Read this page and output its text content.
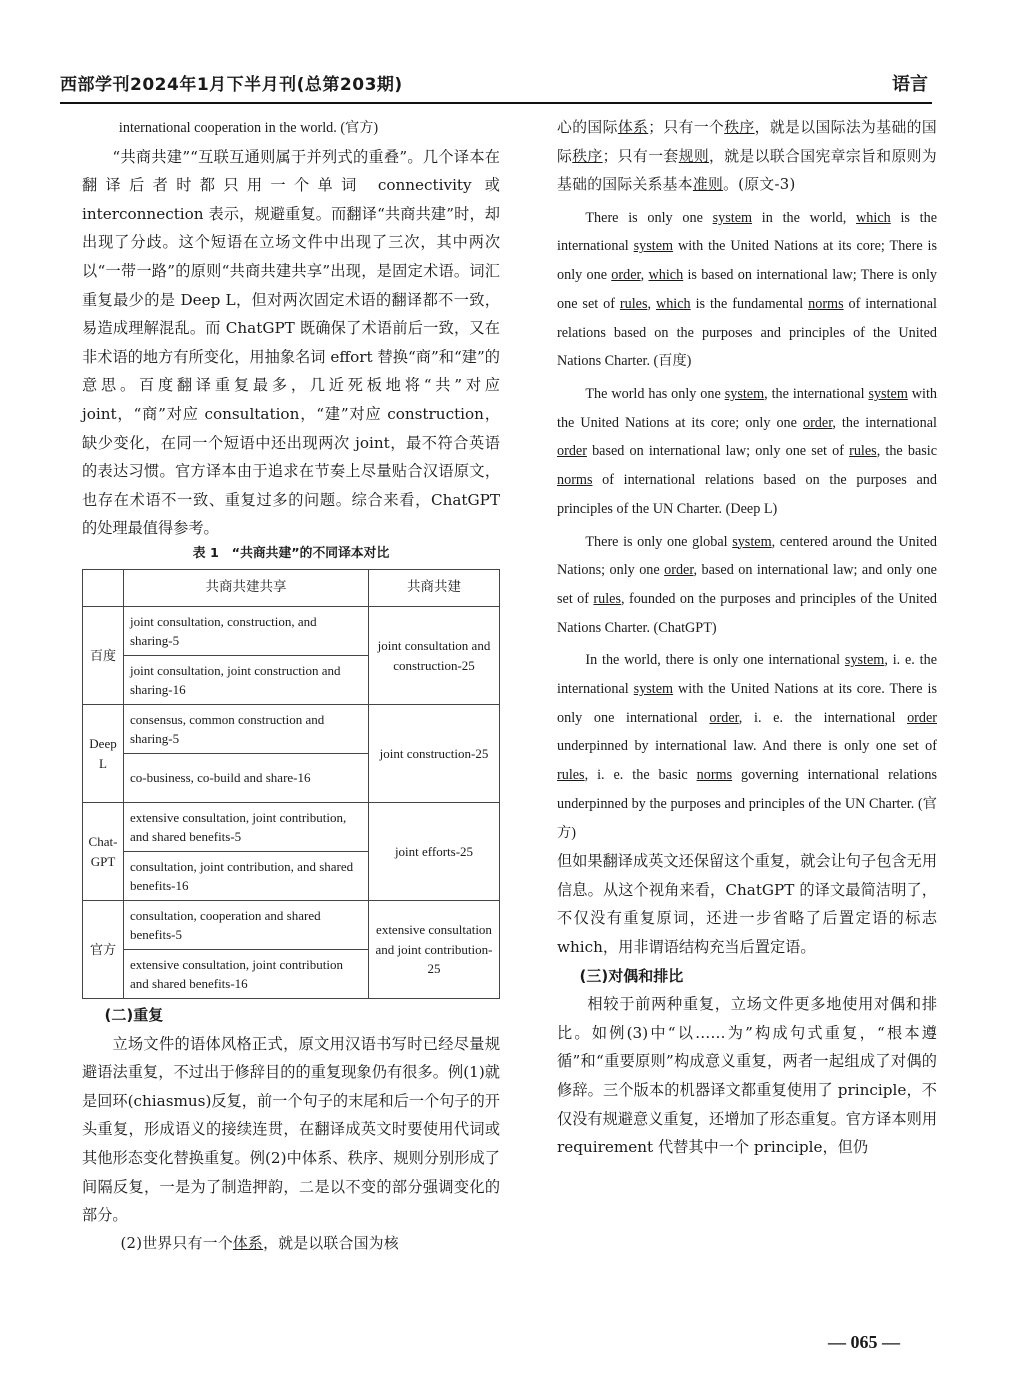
西部学刊2024年1月下半月刊(总第203期)	语言

international cooperation in the world. (官方)

“共商共建”“互联互通则属于并列式的重叠”。几个译本在翻译后者时都只用一个单词 connectivity 或 interconnection 表示，规避重复。而翻译“共商共建”时，却出现了分歧。这个短语在立场文件中出现了三次，其中两次以“一带一路”的原则“共商共建共享”出现，是固定术语。词汇重复最少的是 Deep L，但对两次固定术语的翻译都不一致，易造成理解混乱。而 ChatGPT 既确保了术语前后一致，又在非术语的地方有所变化，用抽象名词 effort 替换“商”和“建”的意思。百度翻译重复最多，几近死板地将“共”对应 joint，“商”对应 consultation，“建”对应 construction，缺少变化，在同一个短语中还出现两次 joint，最不符合英语的表达习惯。官方译本由于追求在节奏上尽量贴合汉语原文，也存在术语不一致、重复过多的问题。综合来看，ChatGPT 的处理最值得参考。

表 1　“共商共建”的不同译本对比
	共商共建共享	共商共建
百度	joint consultation, construction, and sharing-5	joint consultation and construction-25
	joint consultation, joint construction and sharing-16	
Deep L	consensus, common construction and sharing-5	joint construction-25
	co-business, co-build and share-16	
Chat-GPT	extensive consultation, joint contribution, and shared benefits-5	joint efforts-25
	consultation, joint contribution, and shared benefits-16	
官方	consultation, cooperation and shared benefits-5	extensive consultation and joint contribution-25
	extensive consultation, joint contribution and shared benefits-16	
(二)重复

立场文件的语体风格正式，原文用汉语书写时已经尽量规避语法重复，不过出于修辞目的的重复现象仍有很多。例(1)就是回环(chiasmus)反复，前一个句子的末尾和后一个句子的开头重复，形成语义的接续连贯，在翻译成英文时要使用代词或其他形态变化替换重复。例(2)中体系、秩序、规则分别形成了间隔反复，一是为了制造押韵，二是以不变的部分强调变化的部分。

(2)世界只有一个体系，就是以联合国为核

心的国际体系；只有一个秩序，就是以国际法为基础的国际秩序；只有一套规则，就是以联合国宪章宗旨和原则为基础的国际关系基本准则。(原文-3)

There is only one system in the world, which is the international system with the United Nations at its core; There is only one order, which is based on international law; There is only one set of rules, which is the fundamental norms of international relations based on the purposes and principles of the United Nations Charter. (百度)

The world has only one system, the international system with the United Nations at its core; only one order, the international order based on international law; only one set of rules, the basic norms of international relations based on the purposes and principles of the UN Charter. (Deep L)

There is only one global system, centered around the United Nations; only one order, based on international law; and only one set of rules, founded on the purposes and principles of the United Nations Charter. (ChatGPT)

In the world, there is only one international system, i. e. the international system with the United Nations at its core. There is only one international order, i. e. the international order underpinned by international law. And there is only one set of rules, i. e. the basic norms governing international relations underpinned by the purposes and principles of the UN Charter. (官方)

但如果翻译成英文还保留这个重复，就会让句子包含无用信息。从这个视角来看，ChatGPT 的译文最简洁明了，不仅没有重复原词，还进一步省略了后置定语的标志 which，用非谓语结构充当后置定语。

(三)对偶和排比

相较于前两种重复，立场文件更多地使用对偶和排比。如例(3)中“以……为”构成句式重复，“根本遵循”和“重要原则”构成意义重复，两者一起组成了对偶的修辞。三个版本的机器译文都重复使用了 principle，不仅没有规避意义重复，还增加了形态重复。官方译本则用 requirement 代替其中一个 principle，但仍

— 065 —
